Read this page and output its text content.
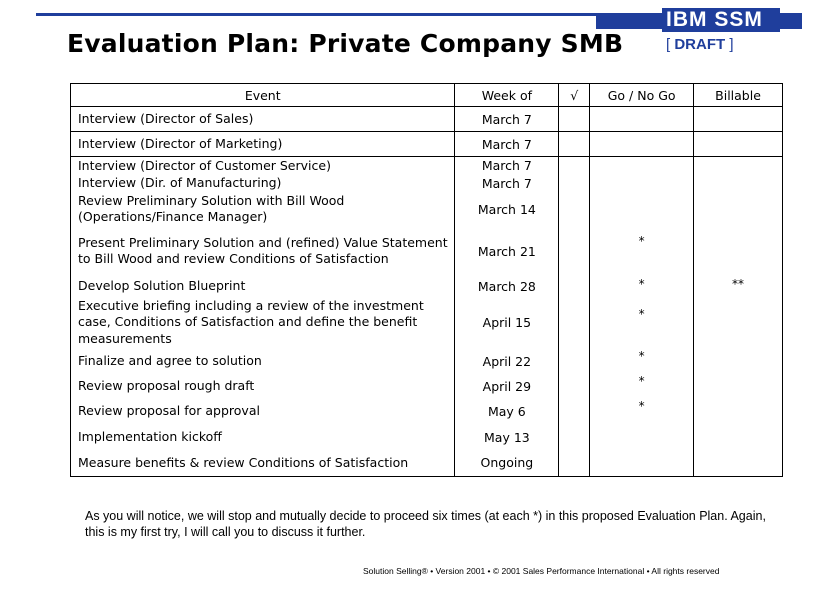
IBM SSM
Evaluation Plan: Private Company SMB	[ DRAFT ]
Event	Week of	√	Go / No Go	Billable
Interview (Director of Sales)	March 7			
Interview (Director of Marketing)	March 7			
Interview (Director of Customer Service)	March 7			
Interview (Dir. of Manufacturing)	March 7			
Review Preliminary Solution with Bill Wood (Operations/Finance Manager)	March 14			
Present Preliminary Solution and (refined) Value Statement to Bill Wood and review Conditions of Satisfaction	March 21		*	
Develop Solution Blueprint	March 28		*	**
Executive briefing including a review of the investment case, Conditions of Satisfaction and define the benefit measurements	April 15		*	
Finalize and agree to solution	April 22		*	
Review proposal rough draft	April 29		*	
Review proposal for approval	May 6		*	
Implementation kickoff	May 13			
Measure benefits & review Conditions of Satisfaction	Ongoing			
As you will notice, we will stop and mutually decide to proceed six times (at each *) in this proposed Evaluation Plan. Again, this is my first try, I will call you to discuss it further.
Solution Selling® • Version 2001 • © 2001 Sales Performance International • All rights reserved
